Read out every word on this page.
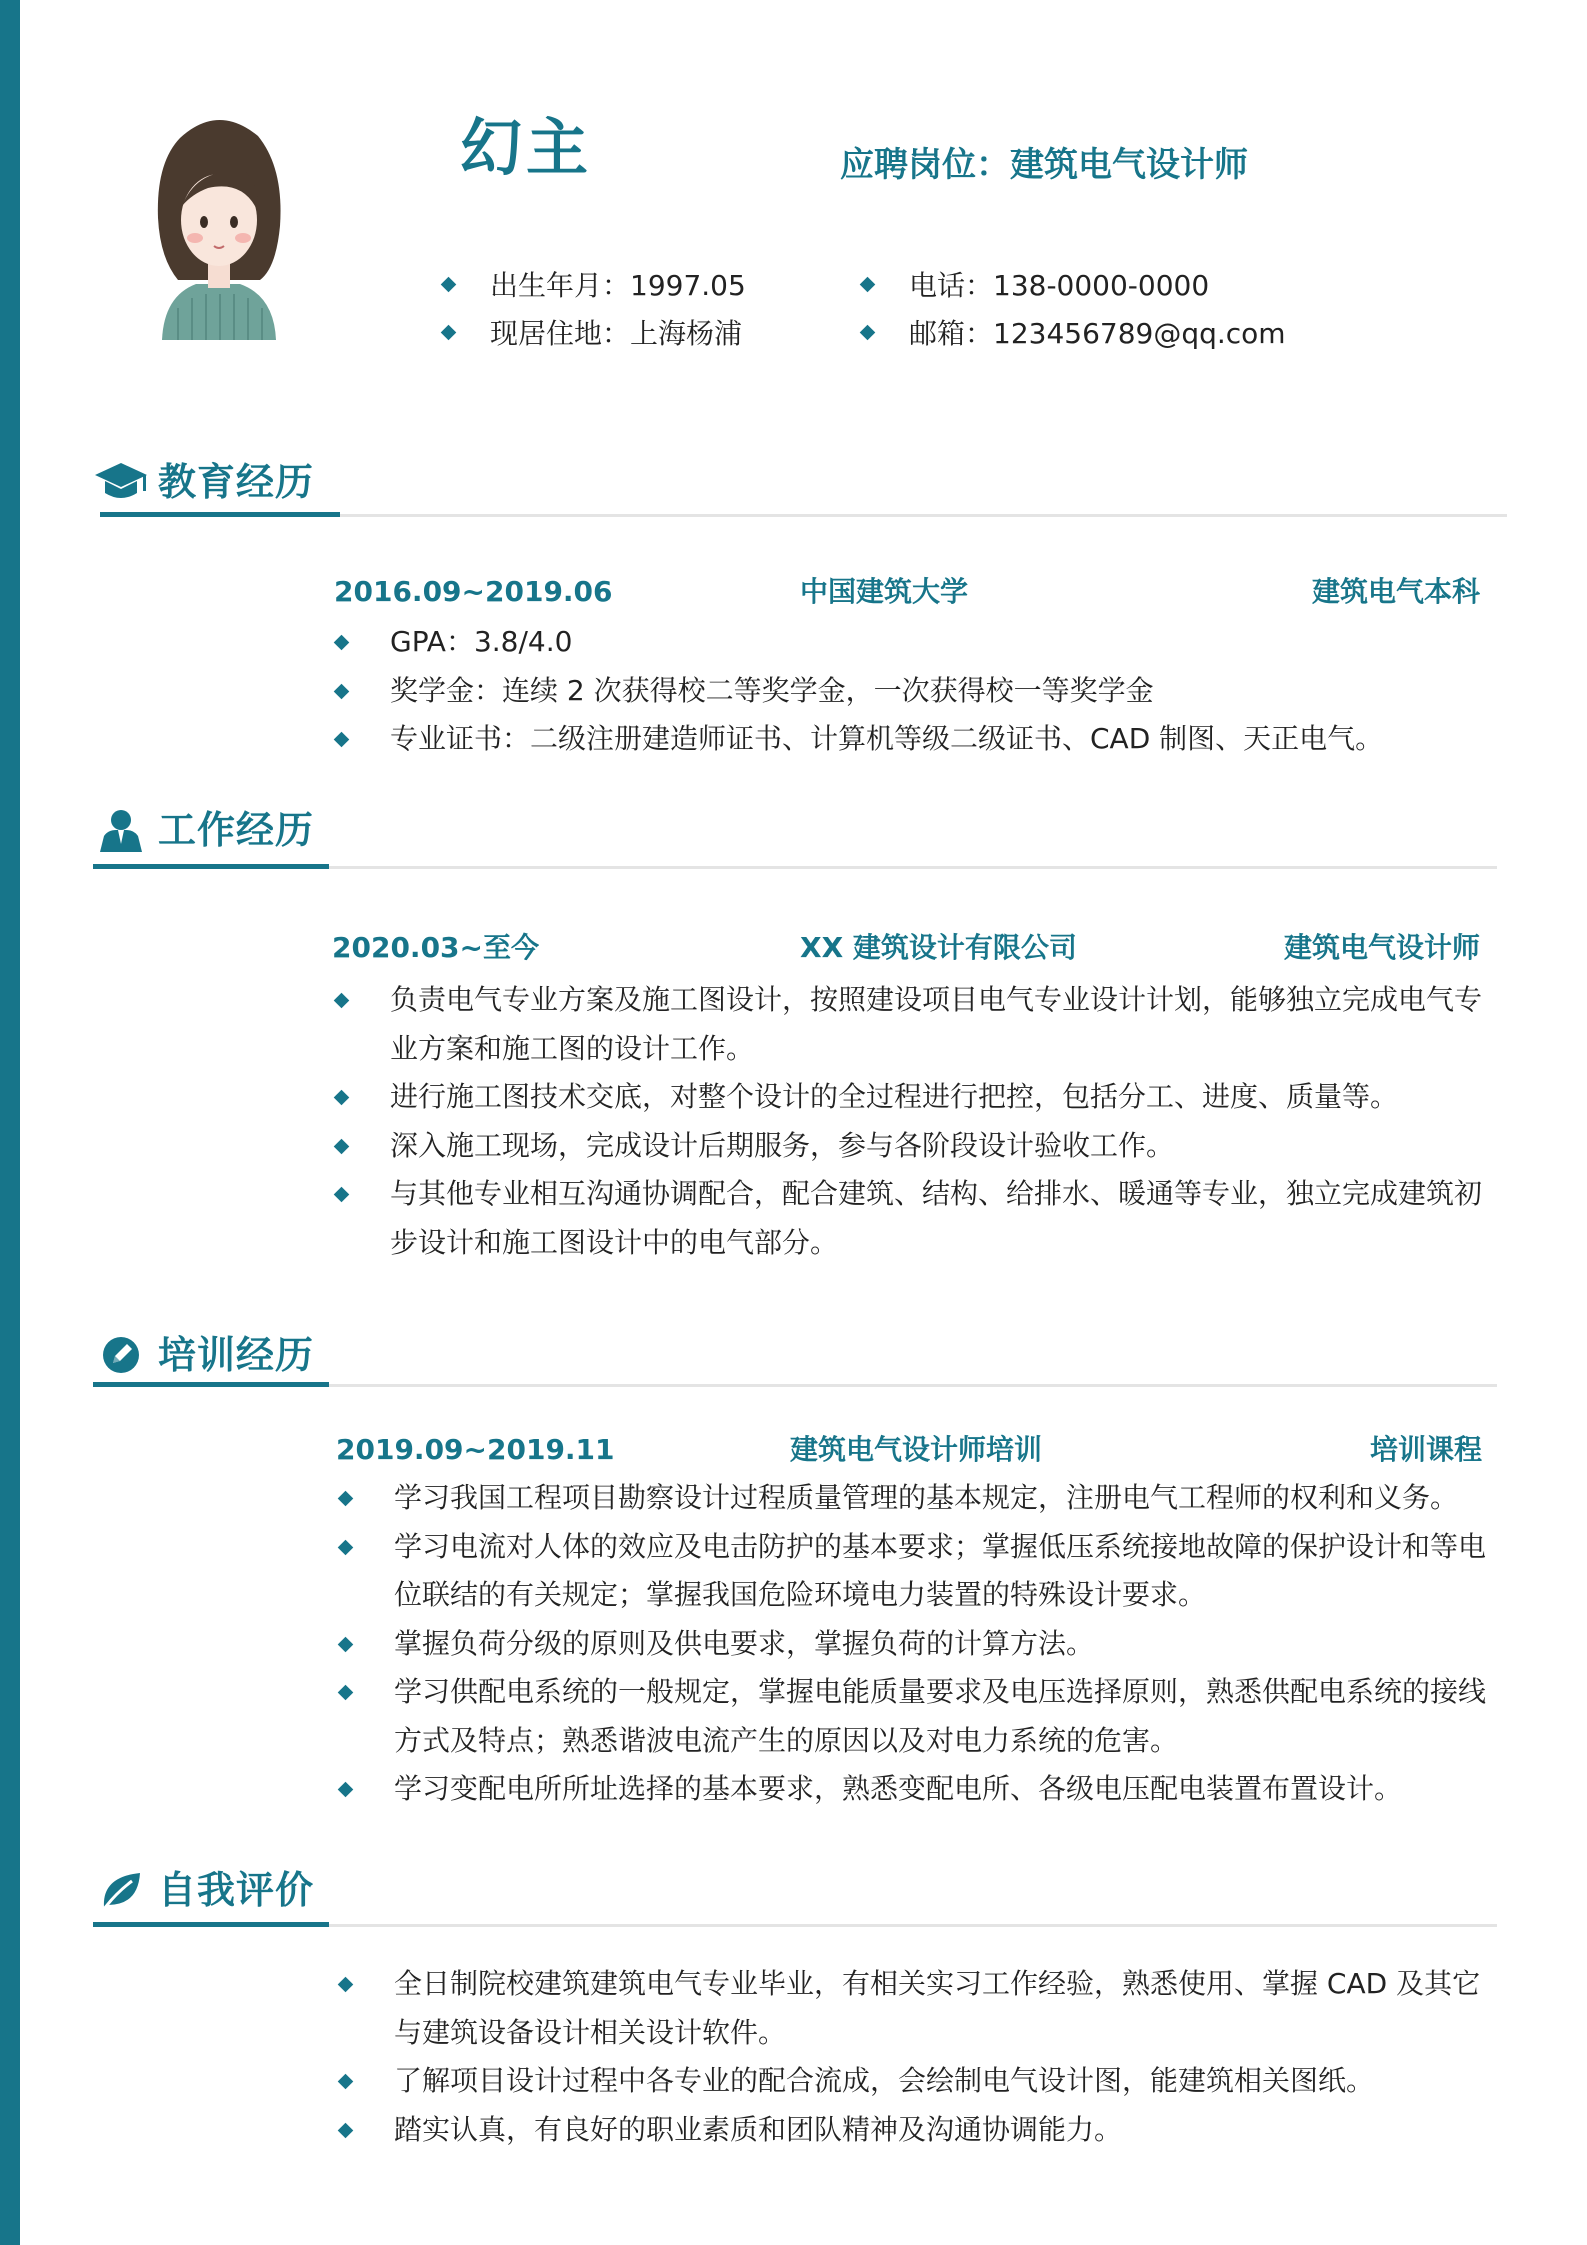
幻主	应聘岗位：建筑电气设计师
出生年月：1997.05
现居住地：上海杨浦
电话：138-0000-0000
邮箱：123456789@qq.com
教育经历
2016.09~2019.06	中国建筑大学	建筑电气本科
GPA：3.8/4.0
奖学金：连续 2 次获得校二等奖学金，一次获得校一等奖学金
专业证书：二级注册建造师证书、计算机等级二级证书、CAD 制图、天正电气。
工作经历
2020.03~至今	XX 建筑设计有限公司	建筑电气设计师
负责电气专业方案及施工图设计，按照建设项目电气专业设计计划，能够独立完成电气专业方案和施工图的设计工作。
进行施工图技术交底，对整个设计的全过程进行把控，包括分工、进度、质量等。
深入施工现场，完成设计后期服务，参与各阶段设计验收工作。
与其他专业相互沟通协调配合，配合建筑、结构、给排水、暖通等专业，独立完成建筑初步设计和施工图设计中的电气部分。
培训经历
2019.09~2019.11	建筑电气设计师培训	培训课程
学习我国工程项目勘察设计过程质量管理的基本规定，注册电气工程师的权利和义务。
学习电流对人体的效应及电击防护的基本要求；掌握低压系统接地故障的保护设计和等电位联结的有关规定；掌握我国危险环境电力装置的特殊设计要求。
掌握负荷分级的原则及供电要求，掌握负荷的计算方法。
学习供配电系统的一般规定，掌握电能质量要求及电压选择原则，熟悉供配电系统的接线方式及特点；熟悉谐波电流产生的原因以及对电力系统的危害。
学习变配电所所址选择的基本要求，熟悉变配电所、各级电压配电装置布置设计。
自我评价
全日制院校建筑建筑电气专业毕业，有相关实习工作经验，熟悉使用、掌握 CAD 及其它与建筑设备设计相关设计软件。
了解项目设计过程中各专业的配合流成，会绘制电气设计图，能建筑相关图纸。
踏实认真，有良好的职业素质和团队精神及沟通协调能力。
